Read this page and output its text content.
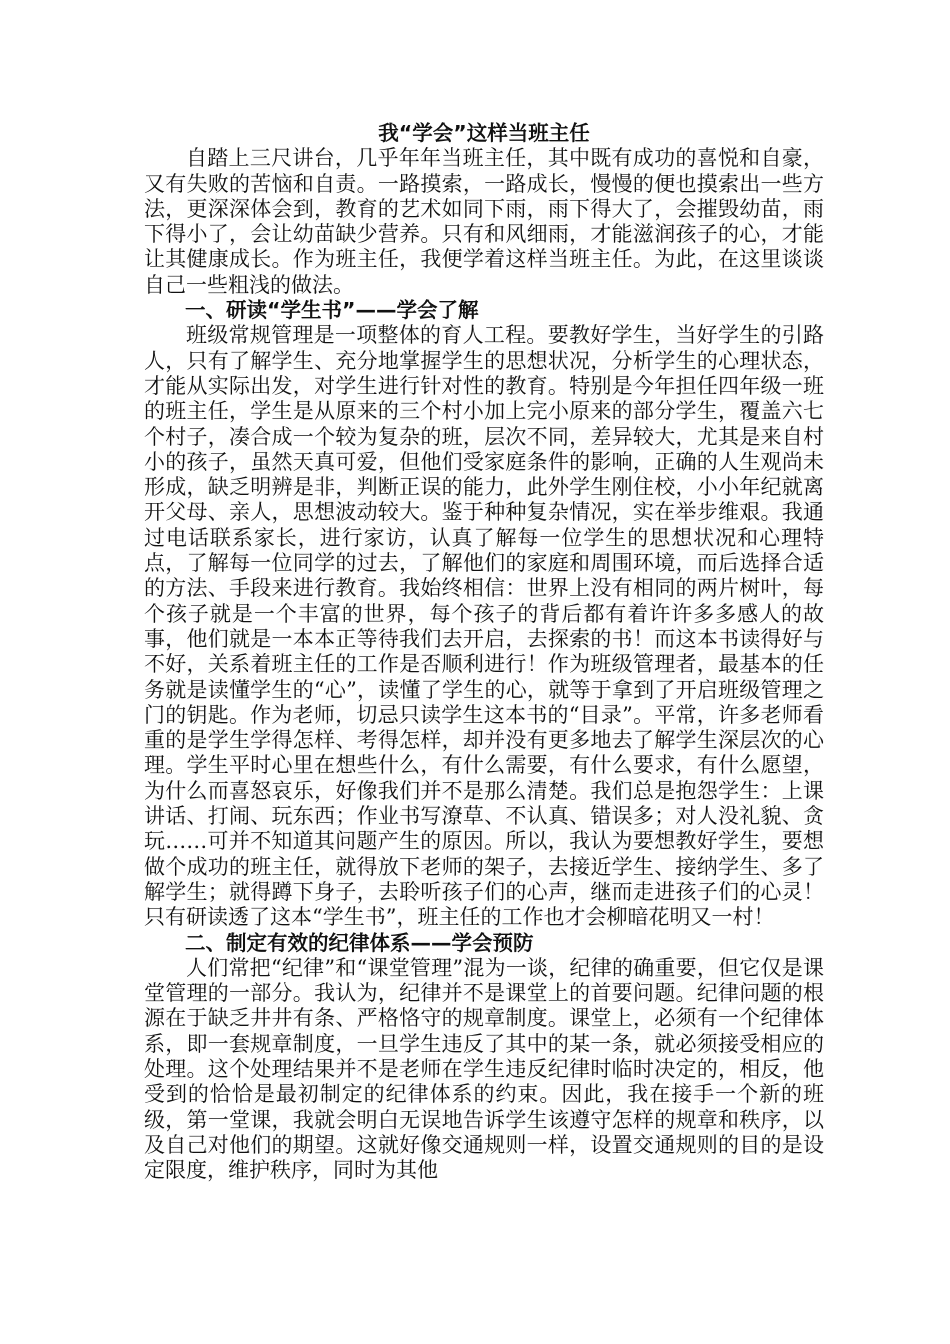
我“学会”这样当班主任

自踏上三尺讲台，几乎年年当班主任，其中既有成功的喜悦和自豪，又有失败的苦恼和自责。一路摸索，一路成长，慢慢的便也摸索出一些方法，更深深体会到，教育的艺术如同下雨，雨下得大了，会摧毁幼苗，雨下得小了，会让幼苗缺少营养。只有和风细雨，才能滋润孩子的心，才能让其健康成长。作为班主任，我便学着这样当班主任。为此，在这里谈谈自己一些粗浅的做法。

一、研读“学生书”——学会了解

班级常规管理是一项整体的育人工程。要教好学生，当好学生的引路人，只有了解学生、充分地掌握学生的思想状况，分析学生的心理状态，才能从实际出发，对学生进行针对性的教育。特别是今年担任四年级一班的班主任，学生是从原来的三个村小加上完小原来的部分学生，覆盖六七个村子，凑合成一个较为复杂的班，层次不同，差异较大，尤其是来自村小的孩子，虽然天真可爱，但他们受家庭条件的影响，正确的人生观尚未形成，缺乏明辨是非，判断正误的能力，此外学生刚住校，小小年纪就离开父母、亲人，思想波动较大。鉴于种种复杂情况，实在举步维艰。我通过电话联系家长，进行家访，认真了解每一位学生的思想状况和心理特点，了解每一位同学的过去，了解他们的家庭和周围环境，而后选择合适的方法、手段来进行教育。我始终相信：世界上没有相同的两片树叶，每个孩子就是一个丰富的世界，每个孩子的背后都有着许许多多感人的故事，他们就是一本本正等待我们去开启，去探索的书！而这本书读得好与不好，关系着班主任的工作是否顺利进行！作为班级管理者，最基本的任务就是读懂学生的“心”，读懂了学生的心，就等于拿到了开启班级管理之门的钥匙。作为老师，切忌只读学生这本书的“目录”。平常，许多老师看重的是学生学得怎样、考得怎样，却并没有更多地去了解学生深层次的心理。学生平时心里在想些什么，有什么需要，有什么要求，有什么愿望，为什么而喜怒哀乐，好像我们并不是那么清楚。我们总是抱怨学生：上课讲话、打闹、玩东西；作业书写潦草、不认真、错误多；对人没礼貌、贪玩……可并不知道其问题产生的原因。所以，我认为要想教好学生，要想做个成功的班主任，就得放下老师的架子，去接近学生、接纳学生、多了解学生；就得蹲下身子，去聆听孩子们的心声，继而走进孩子们的心灵！只有研读透了这本“学生书”，班主任的工作也才会柳暗花明又一村！

二、制定有效的纪律体系——学会预防

人们常把“纪律”和“课堂管理”混为一谈，纪律的确重要，但它仅是课堂管理的一部分。我认为，纪律并不是课堂上的首要问题。纪律问题的根源在于缺乏井井有条、严格恪守的规章制度。课堂上，必须有一个纪律体系，即一套规章制度，一旦学生违反了其中的某一条，就必须接受相应的处理。这个处理结果并不是老师在学生违反纪律时临时决定的，相反，他受到的恰恰是最初制定的纪律体系的约束。因此，我在接手一个新的班级，第一堂课，我就会明白无误地告诉学生该遵守怎样的规章和秩序，以及自己对他们的期望。这就好像交通规则一样，设置交通规则的目的是设定限度，维护秩序，同时为其他
